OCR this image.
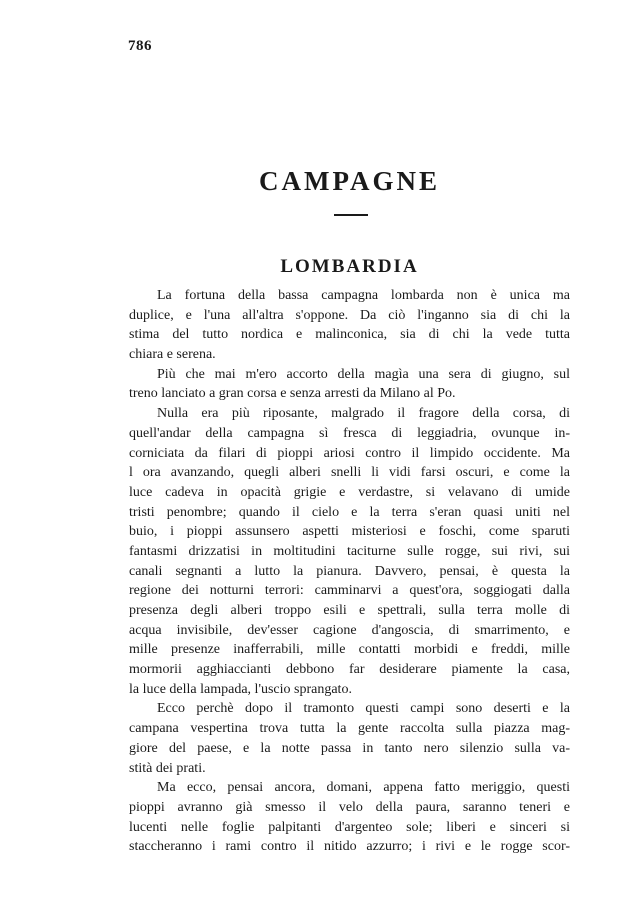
786
CAMPAGNE
LOMBARDIA
La fortuna della bassa campagna lombarda non è unica ma
duplice, e l'una all'altra s'oppone. Da ciò l'inganno sia di chi la
stima del tutto nordica e malinconica, sia di chi la vede tutta
chiara e serena.
Più che mai m'ero accorto della magìa una sera di giugno, sul
treno lanciato a gran corsa e senza arresti da Milano al Po.
Nulla era più riposante, malgrado il fragore della corsa, di
quell'andar della campagna sì fresca di leggiadria, ovunque in-
corniciata da filari di pioppi ariosi contro il limpido occidente. Ma
l ora avanzando, quegli alberi snelli li vidi farsi oscuri, e come la
luce cadeva in opacità grigie e verdastre, si velavano di umide
tristi penombre; quando il cielo e la terra s'eran quasi uniti nel
buio, i pioppi assunsero aspetti misteriosi e foschi, come sparuti
fantasmi drizzatisi in moltitudini taciturne sulle rogge, sui rivi, sui
canali segnanti a lutto la pianura. Davvero, pensai, è questa la
regione dei notturni terrori: camminarvi a quest'ora, soggiogati dalla
presenza degli alberi troppo esili e spettrali, sulla terra molle di
acqua invisibile, dev'esser cagione d'angoscia, di smarrimento, e
mille presenze inafferrabili, mille contatti morbidi e freddi, mille
mormorii agghiaccianti debbono far desiderare piamente la casa,
la luce della lampada, l'uscio sprangato.
Ecco perchè dopo il tramonto questi campi sono deserti e la
campana vespertina trova tutta la gente raccolta sulla piazza mag-
giore del paese, e la notte passa in tanto nero silenzio sulla va-
stità dei prati.
Ma ecco, pensai ancora, domani, appena fatto meriggio, questi
pioppi avranno già smesso il velo della paura, saranno teneri e
lucenti nelle foglie palpitanti d'argenteo sole; liberi e sinceri si
staccheranno i rami contro il nitido azzurro; i rivi e le rogge scor-
